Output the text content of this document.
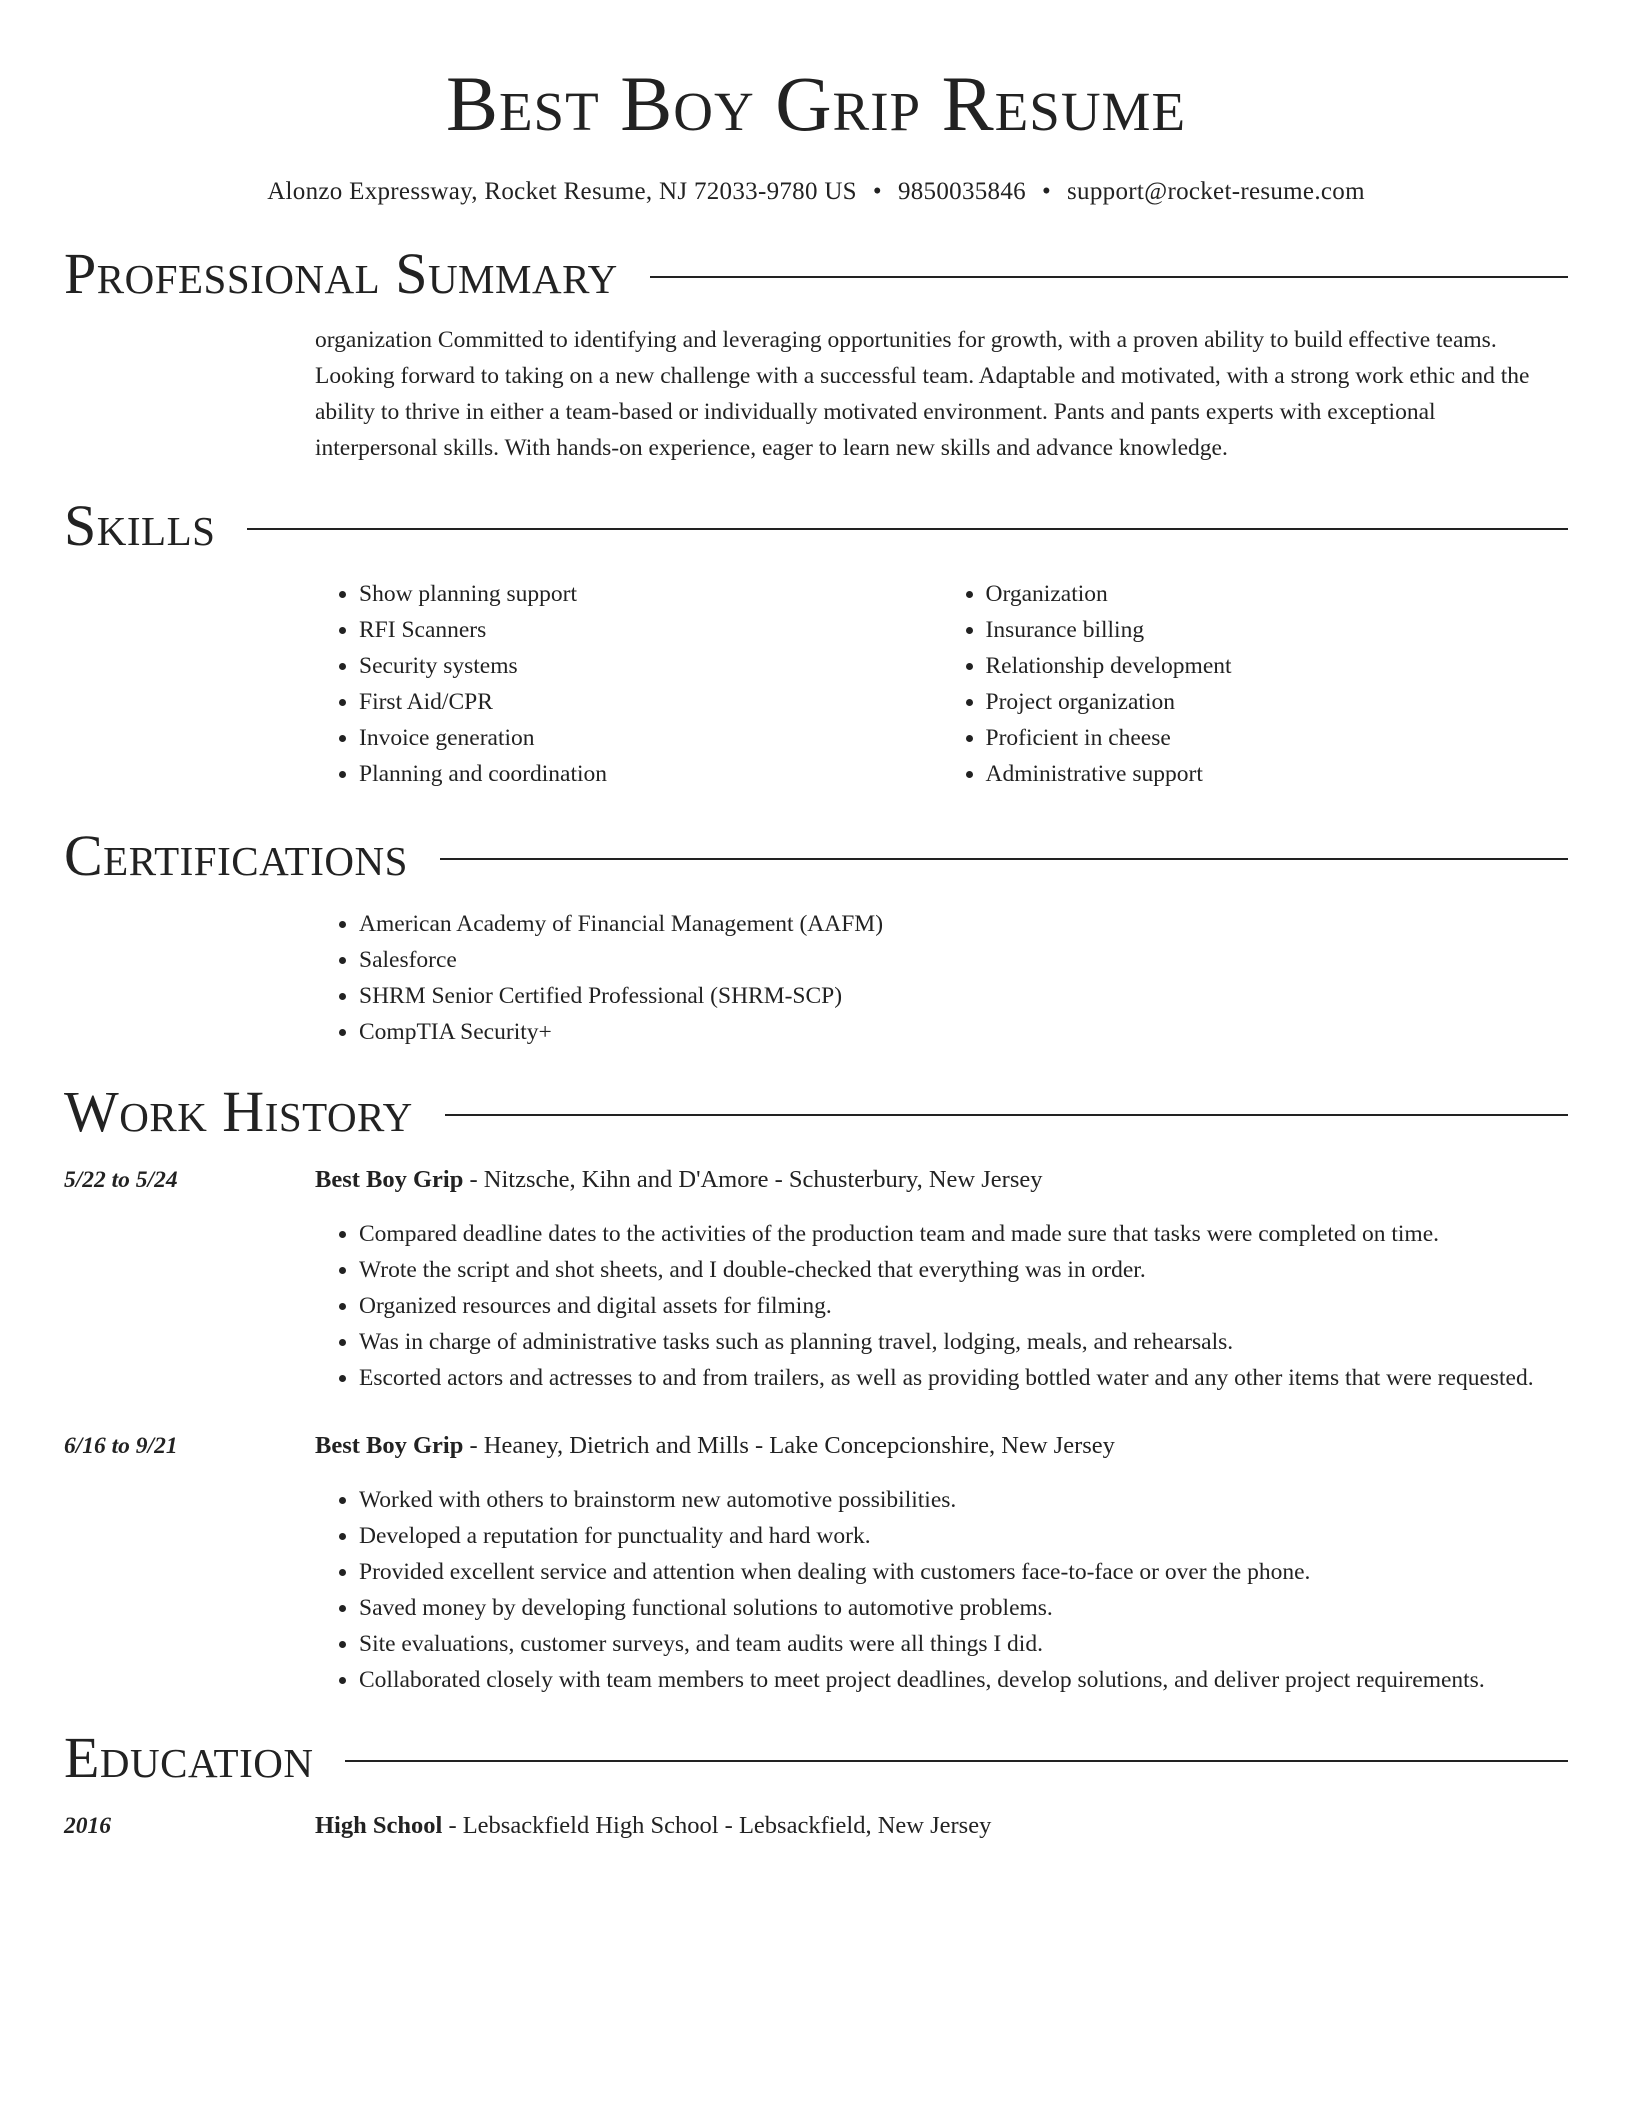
Best Boy Grip Resume
Alonzo Expressway, Rocket Resume, NJ 72033-9780 US • 9850035846 • support@rocket-resume.com
Professional Summary
organization Committed to identifying and leveraging opportunities for growth, with a proven ability to build effective teams. Looking forward to taking on a new challenge with a successful team. Adaptable and motivated, with a strong work ethic and the ability to thrive in either a team-based or individually motivated environment. Pants and pants experts with exceptional interpersonal skills. With hands-on experience, eager to learn new skills and advance knowledge.
Skills
• Show planning support
• RFI Scanners
• Security systems
• First Aid/CPR
• Invoice generation
• Planning and coordination
• Organization
• Insurance billing
• Relationship development
• Project organization
• Proficient in cheese
• Administrative support
Certifications
• American Academy of Financial Management (AAFM)
• Salesforce
• SHRM Senior Certified Professional (SHRM-SCP)
• CompTIA Security+
Work History
5/22 to 5/24	Best Boy Grip - Nitzsche, Kihn and D'Amore - Schusterbury, New Jersey
• Compared deadline dates to the activities of the production team and made sure that tasks were completed on time.
• Wrote the script and shot sheets, and I double-checked that everything was in order.
• Organized resources and digital assets for filming.
• Was in charge of administrative tasks such as planning travel, lodging, meals, and rehearsals.
• Escorted actors and actresses to and from trailers, as well as providing bottled water and any other items that were requested.
6/16 to 9/21	Best Boy Grip - Heaney, Dietrich and Mills - Lake Concepcionshire, New Jersey
• Worked with others to brainstorm new automotive possibilities.
• Developed a reputation for punctuality and hard work.
• Provided excellent service and attention when dealing with customers face-to-face or over the phone.
• Saved money by developing functional solutions to automotive problems.
• Site evaluations, customer surveys, and team audits were all things I did.
• Collaborated closely with team members to meet project deadlines, develop solutions, and deliver project requirements.
Education
2016	High School - Lebsackfield High School - Lebsackfield, New Jersey
